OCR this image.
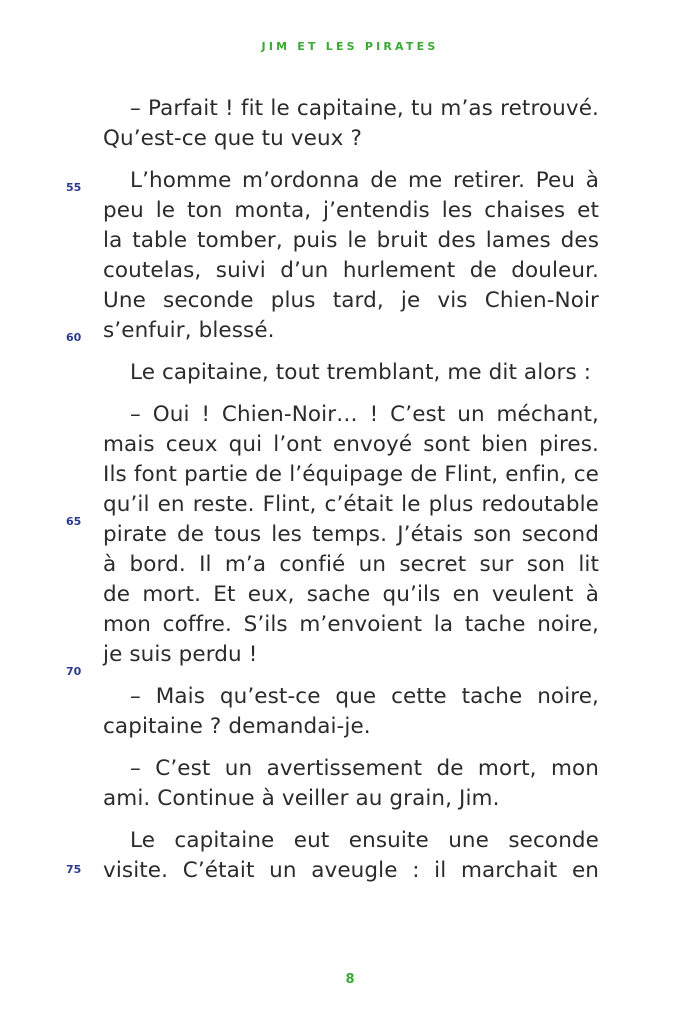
JIM ET LES PIRATES
55
60
65
70
75
– Parfait ! fit le capitaine, tu m’as retrouvé.
Qu’est-ce que tu veux ?
L’homme m’ordonna de me retirer. Peu à
peu le ton monta, j’entendis les chaises et
la table tomber, puis le bruit des lames des
coutelas, suivi d’un hurlement de douleur.
Une seconde plus tard, je vis Chien-Noir
s’enfuir, blessé.
Le capitaine, tout tremblant, me dit alors :
– Oui ! Chien-Noir… ! C’est un méchant,
mais ceux qui l’ont envoyé sont bien pires.
Ils font partie de l’équipage de Flint, enfin, ce
qu’il en reste. Flint, c’était le plus redoutable
pirate de tous les temps. J’étais son second
à bord. Il m’a confié un secret sur son lit
de mort. Et eux, sache qu’ils en veulent à
mon coffre. S’ils m’envoient la tache noire,
je suis perdu !
– Mais qu’est-ce que cette tache noire,
capitaine ? demandai-je.
– C’est un avertissement de mort, mon
ami. Continue à veiller au grain, Jim.
Le capitaine eut ensuite une seconde
visite. C’était un aveugle : il marchait en
8
